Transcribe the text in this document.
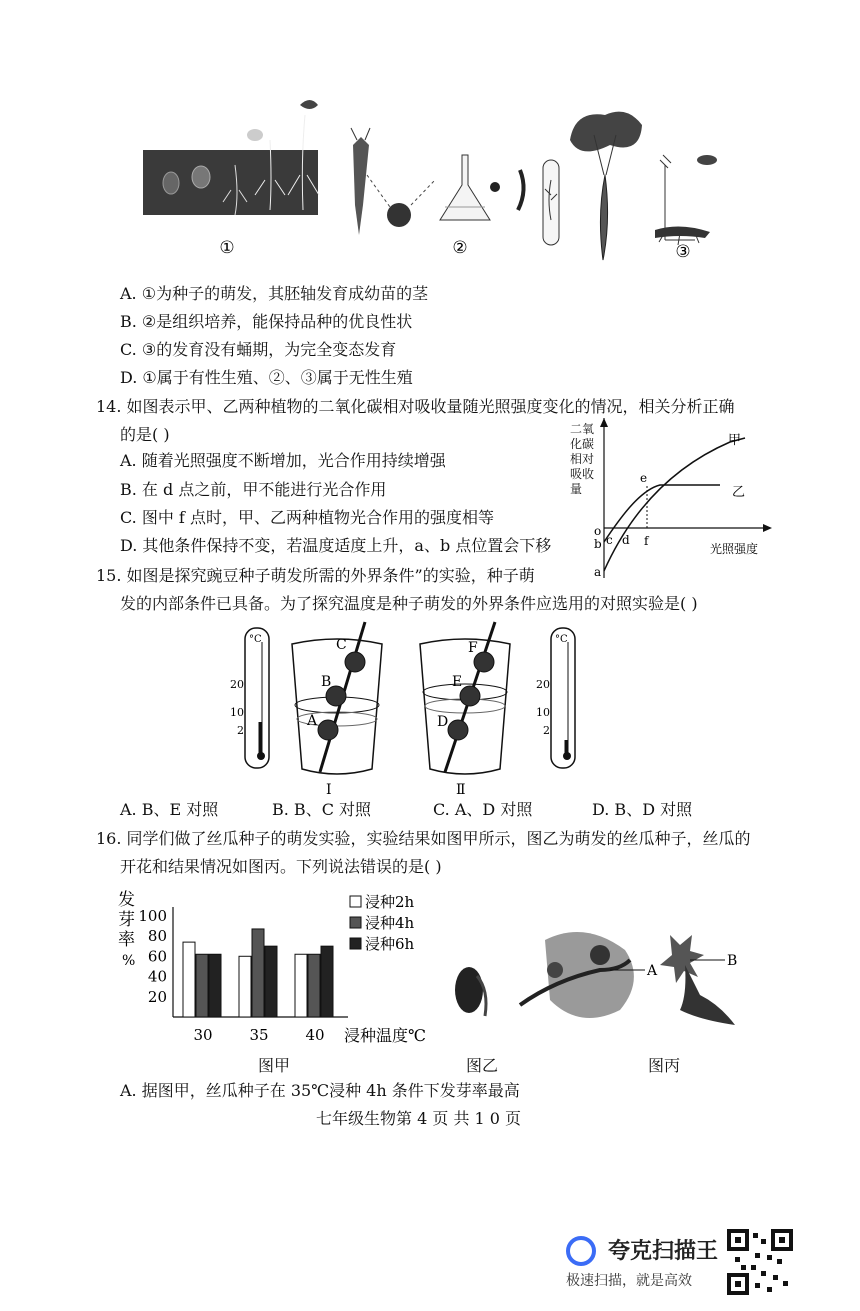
①	②	③
A. ①为种子的萌发，其胚轴发育成幼苗的茎
B. ②是组织培养，能保持品种的优良性状
C. ③的发育没有蛹期，为完全变态发育
D. ①属于有性生殖、②、③属于无性生殖
14. 如图表示甲、乙两种植物的二氧化碳相对吸收量随光照强度变化的情况，相关分析正确
的是( )
A. 随着光照强度不断增加，光合作用持续增强
B. 在 d 点之前，甲不能进行光合作用
C. 图中 f 点时，甲、乙两种植物光合作用的强度相等
D. 其他条件保持不变，若温度适度上升，a、b 点位置会下移
二氧
化碳
相对
吸收
量
甲
乙
o
a
b c d
e
f
光照强度
15. 如图是探究豌豆种子萌发所需的外界条件”的实验，种子萌
发的内部条件已具备。为了探究温度是种子萌发的外界条件应选用的对照实验是( )
°C
20
10
2
C
B
A
Ⅰ
F
E
D
Ⅱ
°C
20
10
2
A. B、E 对照	B. B、C 对照	C. A、D 对照	D. B、D 对照
16. 同学们做了丝瓜种子的萌发实验，实验结果如图甲所示，图乙为萌发的丝瓜种子，丝瓜的
开花和结果情况如图丙。下列说法错误的是( )
发
芽
率
%
100
80
60
40
20
30 35 40
浸种2h
浸种4h
浸种6h
浸种温度℃
图甲	图乙
A
B
图丙
A. 据图甲，丝瓜种子在 35℃浸种 4h 条件下发芽率最高
七年级生物第 4 页 共 1 0 页
夸克扫描王
极速扫描，就是高效
